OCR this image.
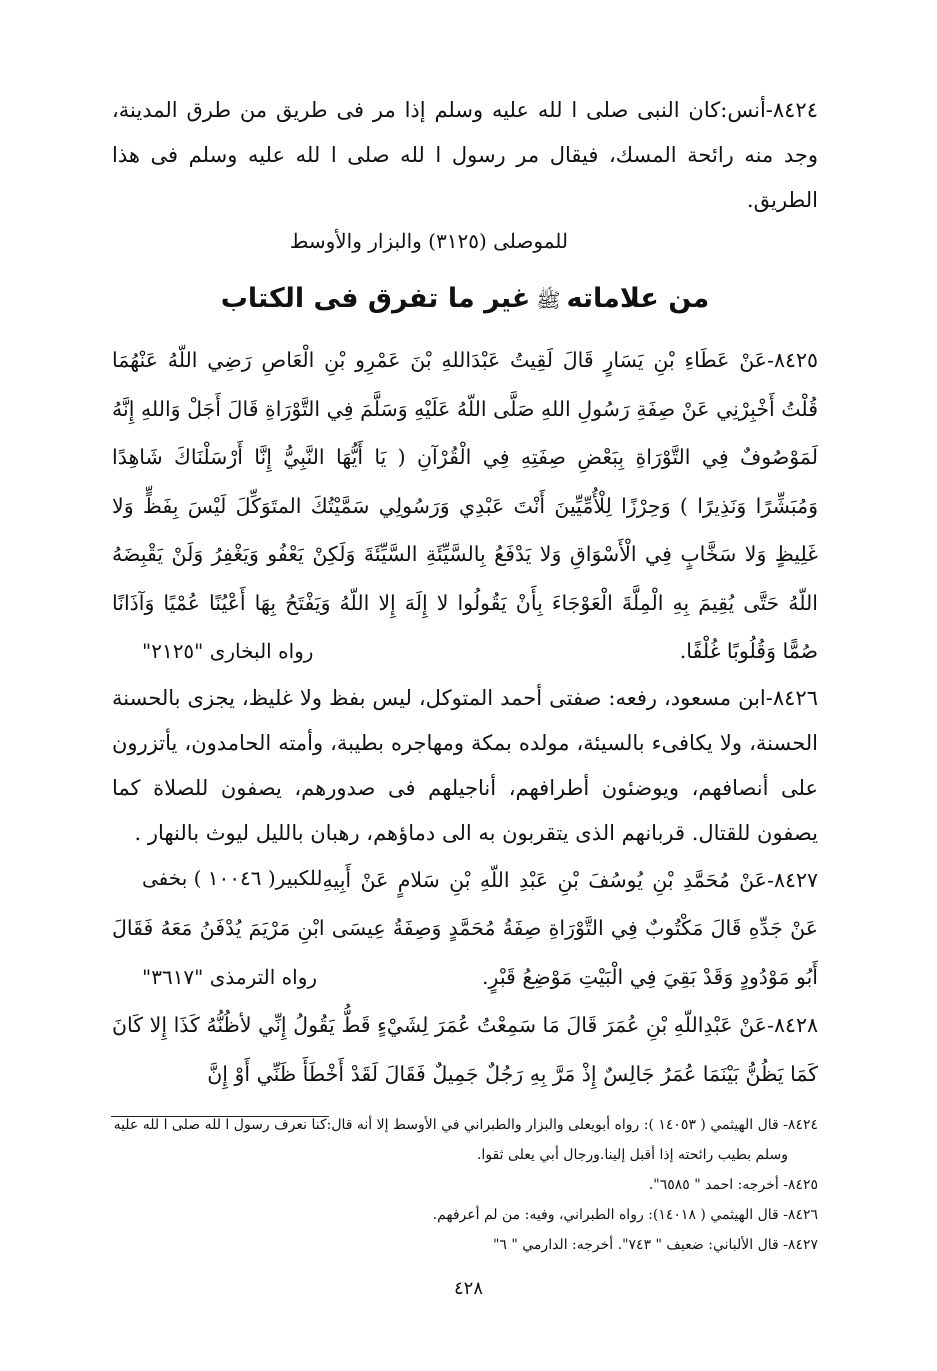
٨٤٢٤-أنس:كان النبى صلى ا لله عليه وسلم إذا مر فى طريق من طرق المدينة، وجد منه رائحة المسك، فيقال مر رسول ا لله صلى ا لله عليه وسلم فى هذا الطريق.

للموصلى (٣١٢٥) والبزار والأوسط

من علاماتهﷺغير ما تفرق فى الكتاب

٨٤٢٥-عَنْ عَطَاءِ بْنِ يَسَارٍ قَالَ لَقِيتُ عَبْدَاللهِ بْنَ عَمْرِو بْنِ الْعَاصِ رَضِي اللّهُ عَنْهُمَا قُلْتُ أَخْبِرْنِي عَنْ صِفَةِ رَسُولِ اللهِ صَلَّى اللّهُ عَلَيْهِ وَسَلَّمَ فِي التَّوْرَاةِ قَالَ أَجَلْ وَاللهِ إِنَّهُ لَمَوْصُوفٌ فِي التَّوْرَاةِ بِبَعْضِ صِفَتِهِ فِي الْقُرْآنِ ( يَا أَيُّهَا النَّبِيُّ إِنَّا أَرْسَلْنَاكَ شَاهِدًا وَمُبَشِّرًا وَنَذِيرًا ) وَحِرْزًا لِلْأُمِّيِّينَ أَنْتَ عَبْدِي وَرَسُولِي سَمَّيْتُكَ المتَوَكِّلَ لَيْسَ بِفَظٍّ وَلا غَلِيظٍ وَلا سَخَّابٍ فِي الْأَسْوَاقِ وَلا يَدْفَعُ بِالسَّيِّئَةِ السَّيِّئَةَ وَلَكِنْ يَعْفُو وَيَغْفِرُ وَلَنْ يَقْبِضَهُ اللّهُ حَتَّى يُقِيمَ بِهِ الْمِلَّةَ الْعَوْجَاءَ بِأَنْ يَقُولُوا لا إِلَهَ إِلا اللّهُ وَيَفْتَحُ بِهَا أَعْيُنًا عُمْيًا وَآذَانًا صُمًّا وَقُلُوبًا غُلْفًا.
رواه البخارى "٢١٢٥"

٨٤٢٦-ابن مسعود، رفعه: صفتى أحمد المتوكل، ليس بفظ ولا غليظ، يجزى بالحسنة الحسنة، ولا يكافىء بالسيئة، مولده بمكة ومهاجره بطيبة، وأمته الحامدون، يأتزرون على أنصافهم، ويوضئون أطرافهم، أناجيلهم فى صدورهم، يصفون للصلاة كما يصفون للقتال. قربانهم الذى يتقربون به الى دماؤهم، رهبان بالليل ليوث بالنهار .
للكبير( ١٠٠٤٦ ) بخفى ٨٤٢٧-عَنْ مُحَمَّدِ بْنِ يُوسُفَ بْنِ عَبْدِ اللّهِ بْنِ سَلامٍ عَنْ أَبِيهِ عَنْ جَدِّهِ قَالَ مَكْتُوبٌ فِي التَّوْرَاةِ صِفَةُ مُحَمَّدٍ وَصِفَةُ عِيسَى ابْنِ مَرْيَمَ يُدْفَنُ مَعَهُ فَقَالَ أَبُو مَوْدُودٍ وَقَدْ بَقِيَ فِي الْبَيْتِ مَوْضِعُ قَبْرٍ.
رواه الترمذى "٣٦١٧"

٨٤٢٨-عَنْ عَبْدِاللّهِ بْنِ عُمَرَ قَالَ مَا سَمِعْتُ عُمَرَ لِشَيْءٍ قَطُّ يَقُولُ إِنِّي لأظُنُّهُ كَذَا إِلا كَانَ كَمَا يَظُنُّ بَيْنَمَا عُمَرُ جَالِسٌ إِذْ مَرَّ بِهِ رَجُلٌ جَمِيلٌ فَقَالَ لَقَدْ أَخْطَأَ ظَنِّي أَوْ إِنَّ

٨٤٢٤- قال الهيثمي ( ١٤٠٥٣ ): رواه أبويعلى والبزار والطبراني في الأوسط إلا أنه قال:كنا نعرف رسول ا لله صلى ا لله عليه

وسلم بطيب رائحته إذا أقبل إلينا.ورجال أبي يعلى ثقوا.

٨٤٢٥- أخرجه: احمد " ٦٥٨٥".

٨٤٢٦- قال الهيثمي ( ١٤٠١٨): رواه الطبراني، وفيه: من لم أعرفهم.

٨٤٢٧- قال الألباني: ضعيف " ٧٤٣". أخرجه: الدارمي " ٦"

٤٢٨
